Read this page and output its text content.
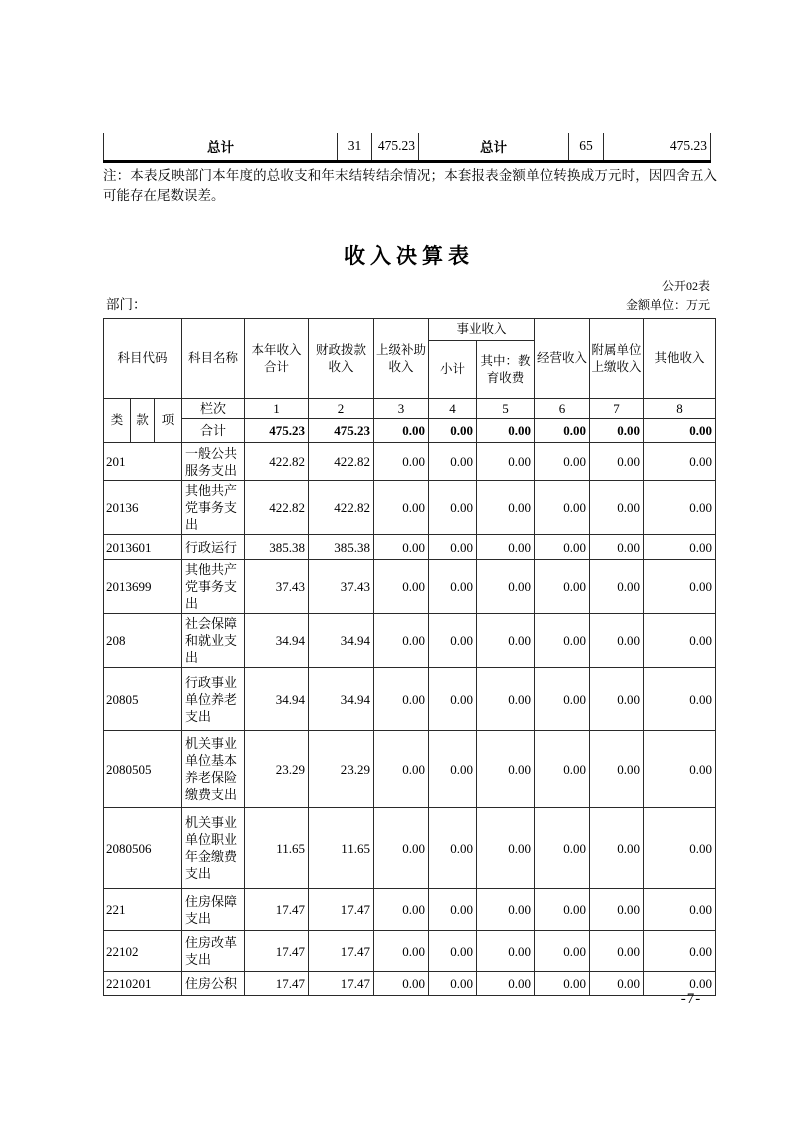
总计	31	475.23	总计	65	475.23
注：本表反映部门本年度的总收支和年末结转结余情况；本套报表金额单位转换成万元时，因四舍五入可能存在尾数误差。
收入决算表
公开02表
部门：	金额单位：万元
科目代码			科目名称	本年收入合计	财政拨款收入	上级补助收入	事业收入		经营收入	附属单位上缴收入	其他收入
							小计	其中：教育收费			
类	款	项	栏次	1	2	3	4	5	6	7	8
			合计	475.23	475.23	0.00	0.00	0.00	0.00	0.00	0.00
201			一般公共服务支出	422.82	422.82	0.00	0.00	0.00	0.00	0.00	0.00
20136			其他共产党事务支出	422.82	422.82	0.00	0.00	0.00	0.00	0.00	0.00
2013601			行政运行	385.38	385.38	0.00	0.00	0.00	0.00	0.00	0.00
2013699			其他共产党事务支出	37.43	37.43	0.00	0.00	0.00	0.00	0.00	0.00
208			社会保障和就业支出	34.94	34.94	0.00	0.00	0.00	0.00	0.00	0.00
20805			行政事业单位养老支出	34.94	34.94	0.00	0.00	0.00	0.00	0.00	0.00
2080505			机关事业单位基本养老保险缴费支出	23.29	23.29	0.00	0.00	0.00	0.00	0.00	0.00
2080506			机关事业单位职业年金缴费支出	11.65	11.65	0.00	0.00	0.00	0.00	0.00	0.00
221			住房保障支出	17.47	17.47	0.00	0.00	0.00	0.00	0.00	0.00
22102			住房改革支出	17.47	17.47	0.00	0.00	0.00	0.00	0.00	0.00
2210201			住房公积	17.47	17.47	0.00	0.00	0.00	0.00	0.00	0.00
-7-
